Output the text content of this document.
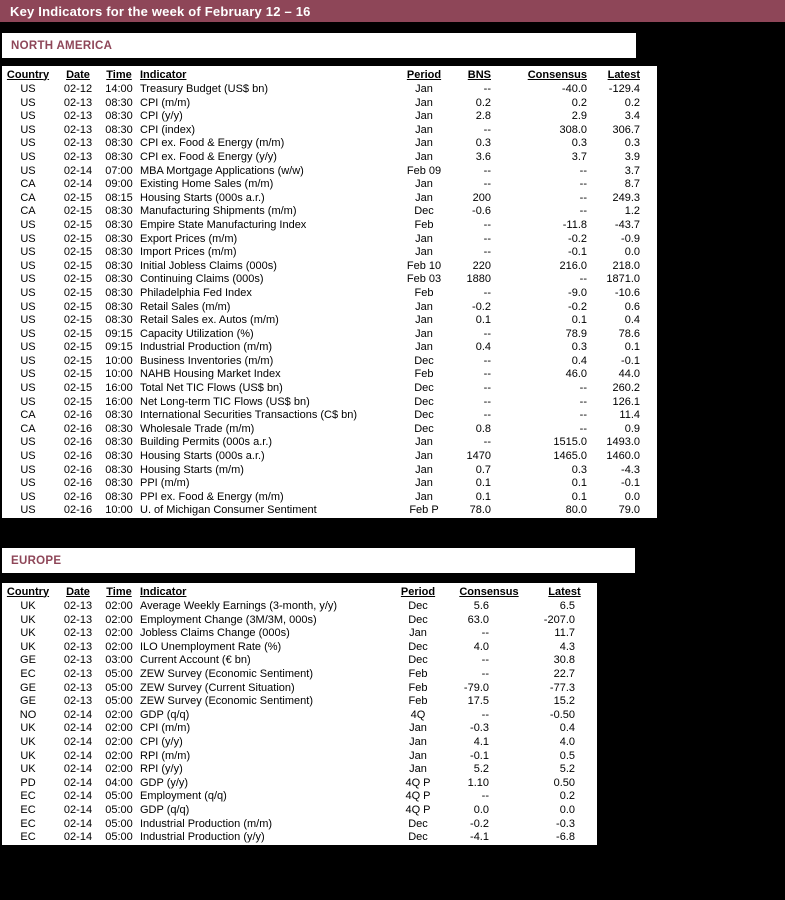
Key Indicators for the week of February 12 – 16
NORTH AMERICA
Country	Date	Time	Indicator	Period	BNS	Consensus	Latest
US	02-12	14:00	Treasury Budget (US$ bn)	Jan	--	-40.0	-129.4
US	02-13	08:30	CPI (m/m)	Jan	0.2	0.2	0.2
US	02-13	08:30	CPI (y/y)	Jan	2.8	2.9	3.4
US	02-13	08:30	CPI (index)	Jan	--	308.0	306.7
US	02-13	08:30	CPI ex. Food & Energy (m/m)	Jan	0.3	0.3	0.3
US	02-13	08:30	CPI ex. Food & Energy (y/y)	Jan	3.6	3.7	3.9
US	02-14	07:00	MBA Mortgage Applications (w/w)	Feb 09	--	--	3.7
CA	02-14	09:00	Existing Home Sales (m/m)	Jan	--	--	8.7
CA	02-15	08:15	Housing Starts (000s a.r.)	Jan	200	--	249.3
CA	02-15	08:30	Manufacturing Shipments (m/m)	Dec	-0.6	--	1.2
US	02-15	08:30	Empire State Manufacturing Index	Feb	--	-11.8	-43.7
US	02-15	08:30	Export Prices (m/m)	Jan	--	-0.2	-0.9
US	02-15	08:30	Import Prices (m/m)	Jan	--	-0.1	0.0
US	02-15	08:30	Initial Jobless Claims (000s)	Feb 10	220	216.0	218.0
US	02-15	08:30	Continuing Claims (000s)	Feb 03	1880	--	1871.0
US	02-15	08:30	Philadelphia Fed Index	Feb	--	-9.0	-10.6
US	02-15	08:30	Retail Sales (m/m)	Jan	-0.2	-0.2	0.6
US	02-15	08:30	Retail Sales ex. Autos (m/m)	Jan	0.1	0.1	0.4
US	02-15	09:15	Capacity Utilization (%)	Jan	--	78.9	78.6
US	02-15	09:15	Industrial Production (m/m)	Jan	0.4	0.3	0.1
US	02-15	10:00	Business Inventories (m/m)	Dec	--	0.4	-0.1
US	02-15	10:00	NAHB Housing Market Index	Feb	--	46.0	44.0
US	02-15	16:00	Total Net TIC Flows (US$ bn)	Dec	--	--	260.2
US	02-15	16:00	Net Long-term TIC Flows (US$ bn)	Dec	--	--	126.1
CA	02-16	08:30	International Securities Transactions (C$ bn)	Dec	--	--	11.4
CA	02-16	08:30	Wholesale Trade (m/m)	Dec	0.8	--	0.9
US	02-16	08:30	Building Permits (000s a.r.)	Jan	--	1515.0	1493.0
US	02-16	08:30	Housing Starts (000s a.r.)	Jan	1470	1465.0	1460.0
US	02-16	08:30	Housing Starts (m/m)	Jan	0.7	0.3	-4.3
US	02-16	08:30	PPI (m/m)	Jan	0.1	0.1	-0.1
US	02-16	08:30	PPI ex. Food & Energy (m/m)	Jan	0.1	0.1	0.0
US	02-16	10:00	U. of Michigan Consumer Sentiment	Feb P	78.0	80.0	79.0
EUROPE
Country	Date	Time	Indicator	Period	Consensus	Latest
UK	02-13	02:00	Average Weekly Earnings (3-month, y/y)	Dec	5.6	6.5
UK	02-13	02:00	Employment Change (3M/3M, 000s)	Dec	63.0	-207.0
UK	02-13	02:00	Jobless Claims Change (000s)	Jan	--	11.7
UK	02-13	02:00	ILO Unemployment Rate (%)	Dec	4.0	4.3
GE	02-13	03:00	Current Account (€ bn)	Dec	--	30.8
EC	02-13	05:00	ZEW Survey (Economic Sentiment)	Feb	--	22.7
GE	02-13	05:00	ZEW Survey (Current Situation)	Feb	-79.0	-77.3
GE	02-13	05:00	ZEW Survey (Economic Sentiment)	Feb	17.5	15.2
NO	02-14	02:00	GDP (q/q)	4Q	--	-0.50
UK	02-14	02:00	CPI (m/m)	Jan	-0.3	0.4
UK	02-14	02:00	CPI (y/y)	Jan	4.1	4.0
UK	02-14	02:00	RPI (m/m)	Jan	-0.1	0.5
UK	02-14	02:00	RPI (y/y)	Jan	5.2	5.2
PD	02-14	04:00	GDP (y/y)	4Q P	1.10	0.50
EC	02-14	05:00	Employment (q/q)	4Q P	--	0.2
EC	02-14	05:00	GDP (q/q)	4Q P	0.0	0.0
EC	02-14	05:00	Industrial Production (m/m)	Dec	-0.2	-0.3
EC	02-14	05:00	Industrial Production (y/y)	Dec	-4.1	-6.8
